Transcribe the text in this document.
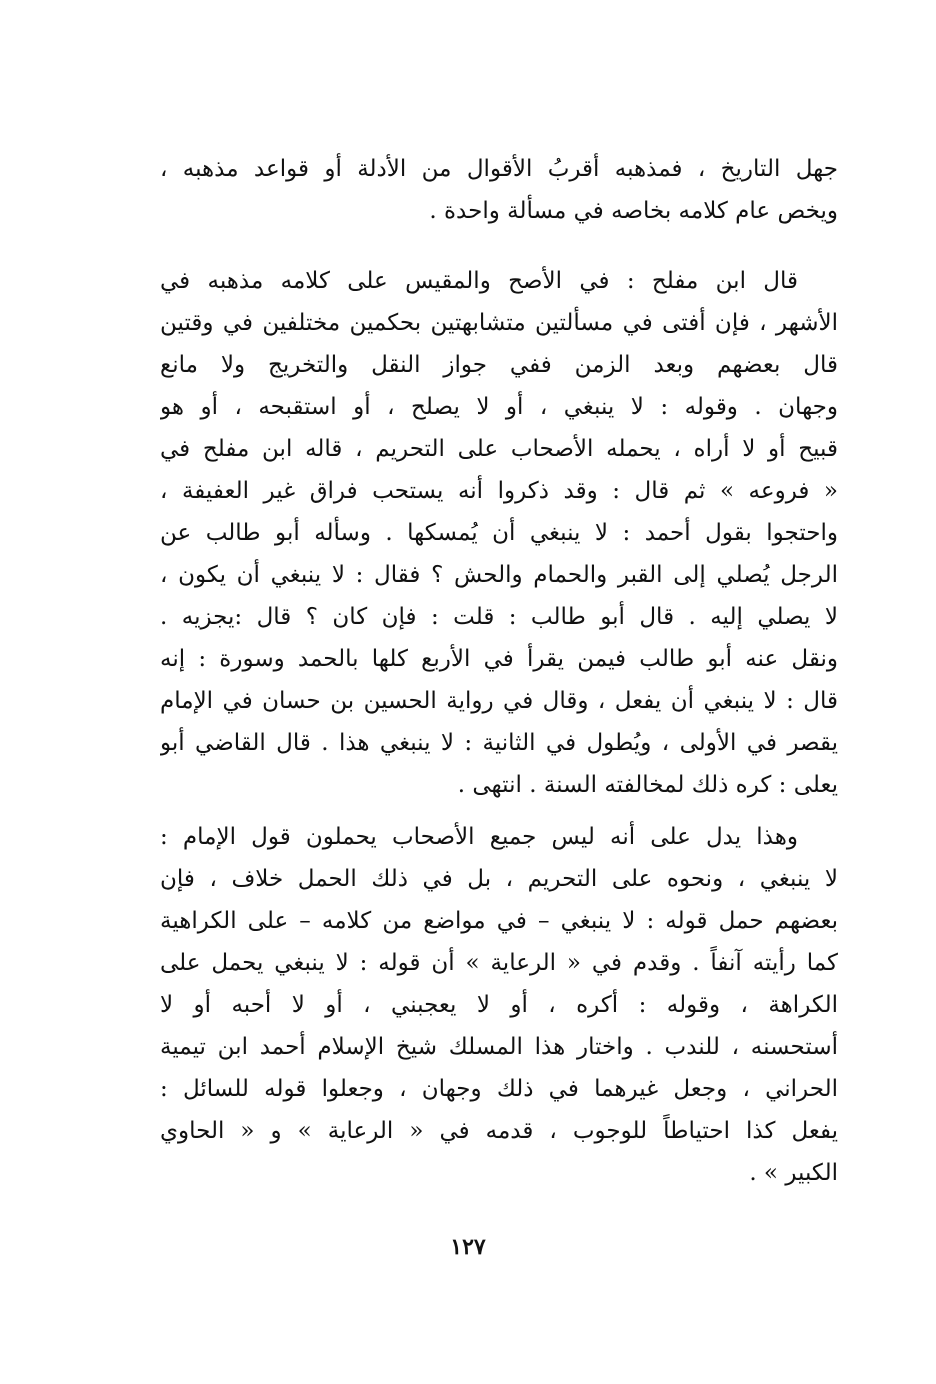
جهل التاريخ ، فمذهبه أقربُ الأقوال من الأدلة أو قواعد مذهبه ،
ويخص عام كلامه بخاصه في مسألة واحدة .
قال ابن مفلح : في الأصح والمقيس على كلامه مذهبه في
الأشهر ، فإن أفتى في مسألتين متشابهتين بحكمين مختلفين في وقتين
قال بعضهم وبعد الزمن ففي جواز النقل والتخريج ولا مانع
وجهان . وقوله : لا ينبغي ، أو لا يصلح ، أو استقبحه ، أو هو
قبيح أو لا أراه ، يحمله الأصحاب على التحريم ، قاله ابن مفلح في
« فروعه » ثم قال : وقد ذكروا أنه يستحب فراق غير العفيفة ،
واحتجوا بقول أحمد : لا ينبغي أن يُمسكها . وسأله أبو طالب عن
الرجل يُصلي إلى القبر والحمام والحش ؟ فقال : لا ينبغي أن يكون ،
لا يصلي إليه . قال أبو طالب : قلت : فإن كان ؟ قال :يجزيه .
ونقل عنه أبو طالب فيمن يقرأ في الأربع كلها بالحمد وسورة : إنه
قال : لا ينبغي أن يفعل ، وقال في رواية الحسين بن حسان في الإمام
يقصر في الأولى ، ويُطول في الثانية : لا ينبغي هذا . قال القاضي أبو
يعلى : كره ذلك لمخالفته السنة . انتهى .
وهذا يدل على أنه ليس جميع الأصحاب يحملون قول الإمام :
لا ينبغي ، ونحوه على التحريم ، بل في ذلك الحمل خلاف ، فإن
بعضهم حمل قوله : لا ينبغي – في مواضع من كلامه – على الكراهية
كما رأيته آنفاً . وقدم في « الرعاية » أن قوله : لا ينبغي يحمل على
الكراهة ، وقوله : أكره ، أو لا يعجبني ، أو لا أحبه أو لا
أستحسنه ، للندب . واختار هذا المسلك شيخ الإسلام أحمد ابن تيمية
الحراني ، وجعل غيرهما في ذلك وجهان ، وجعلوا قوله للسائل :
يفعل كذا احتياطاً للوجوب ، قدمه في « الرعاية » و « الحاوي
الكبير » .
١٢٧
